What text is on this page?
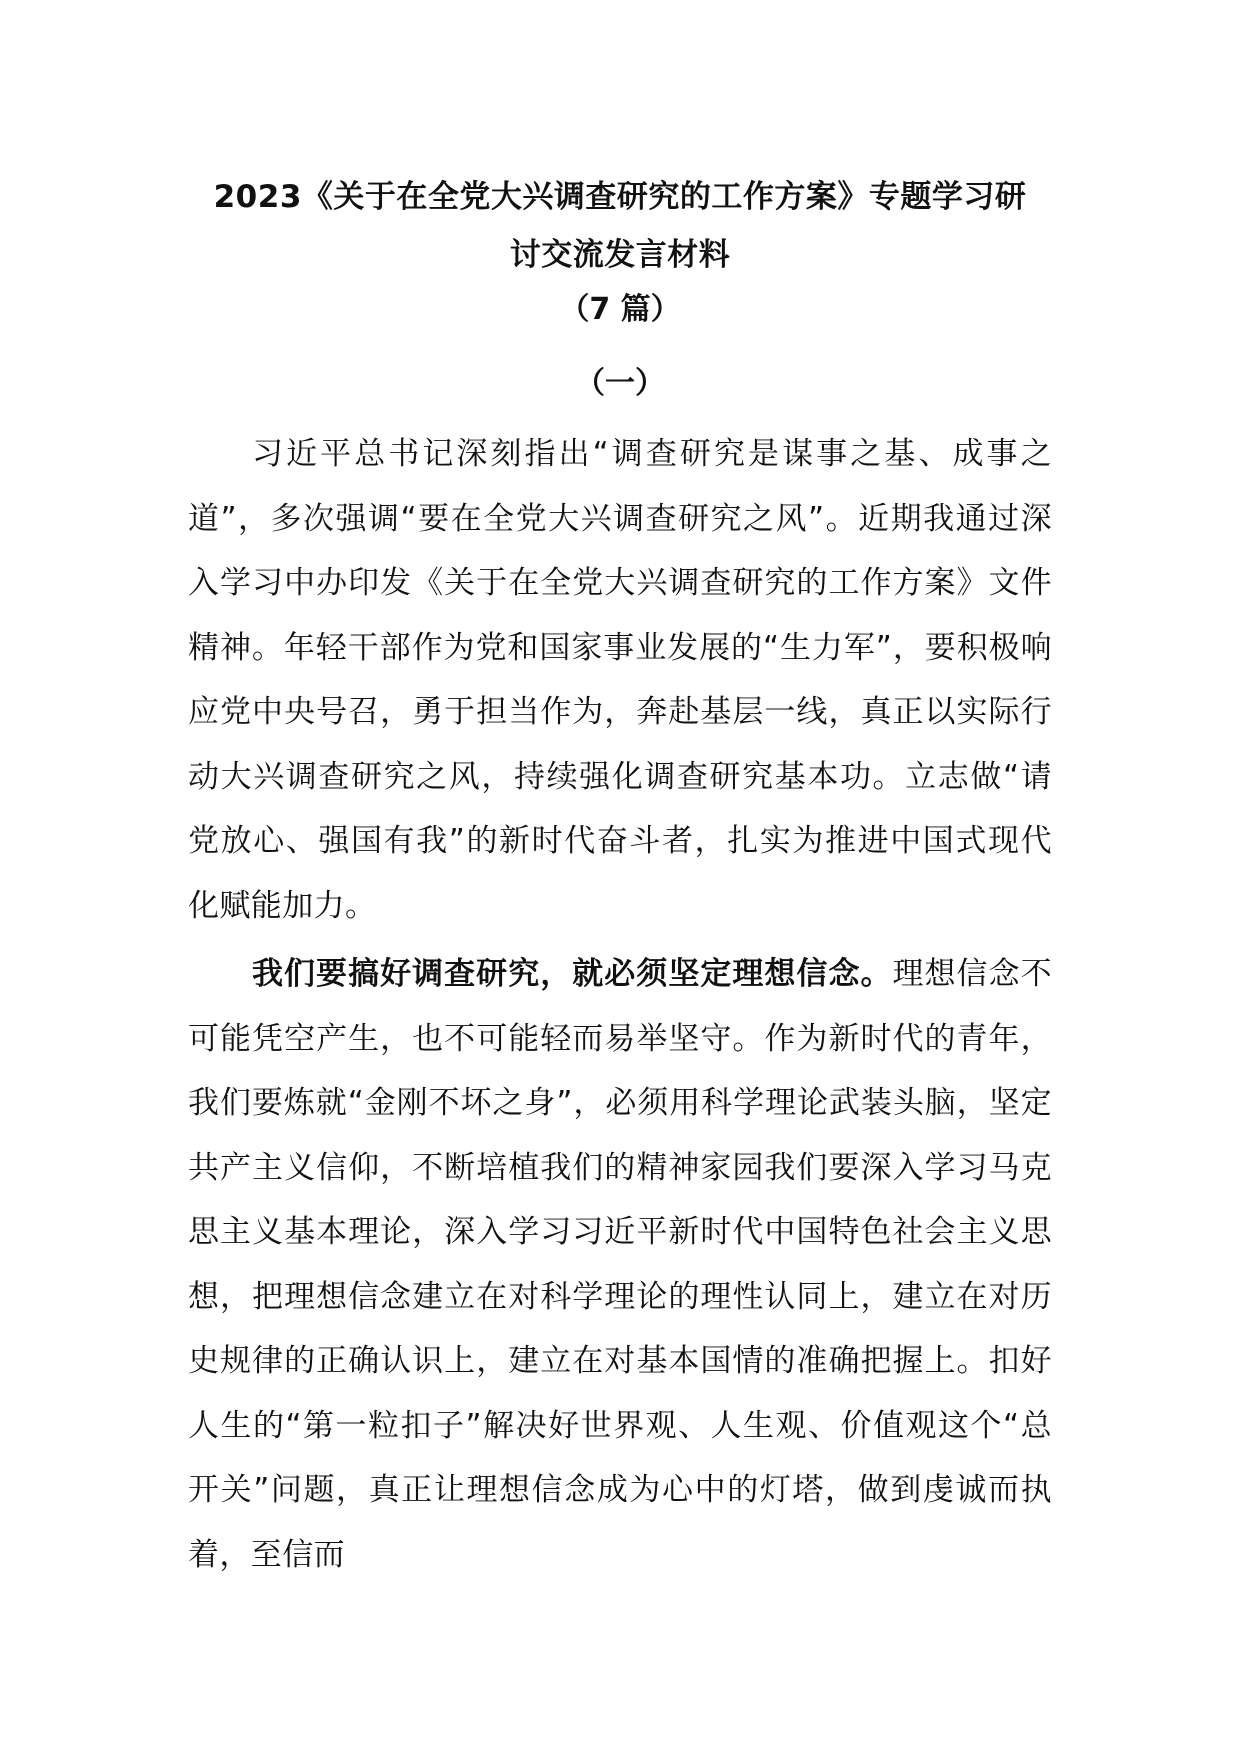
2023《关于在全党大兴调查研究的工作方案》专题学习研
讨交流发言材料
（7 篇）
（一）

习近平总书记深刻指出“调查研究是谋事之基、成事之道”，多次强调“要在全党大兴调查研究之风”。近期我通过深入学习中办印发《关于在全党大兴调查研究的工作方案》文件精神。年轻干部作为党和国家事业发展的“生力军”，要积极响应党中央号召，勇于担当作为，奔赴基层一线，真正以实际行动大兴调查研究之风，持续强化调查研究基本功。立志做“请党放心、强国有我”的新时代奋斗者，扎实为推进中国式现代化赋能加力。

我们要搞好调查研究，就必须坚定理想信念。理想信念不可能凭空产生，也不可能轻而易举坚守。作为新时代的青年，我们要炼就“金刚不坏之身”，必须用科学理论武装头脑，坚定共产主义信仰，不断培植我们的精神家园我们要深入学习马克思主义基本理论，深入学习习近平新时代中国特色社会主义思想，把理想信念建立在对科学理论的理性认同上，建立在对历史规律的正确认识上，建立在对基本国情的准确把握上。扣好人生的“第一粒扣子”解决好世界观、人生观、价值观这个“总开关”问题，真正让理想信念成为心中的灯塔，做到虔诚而执着，至信而
